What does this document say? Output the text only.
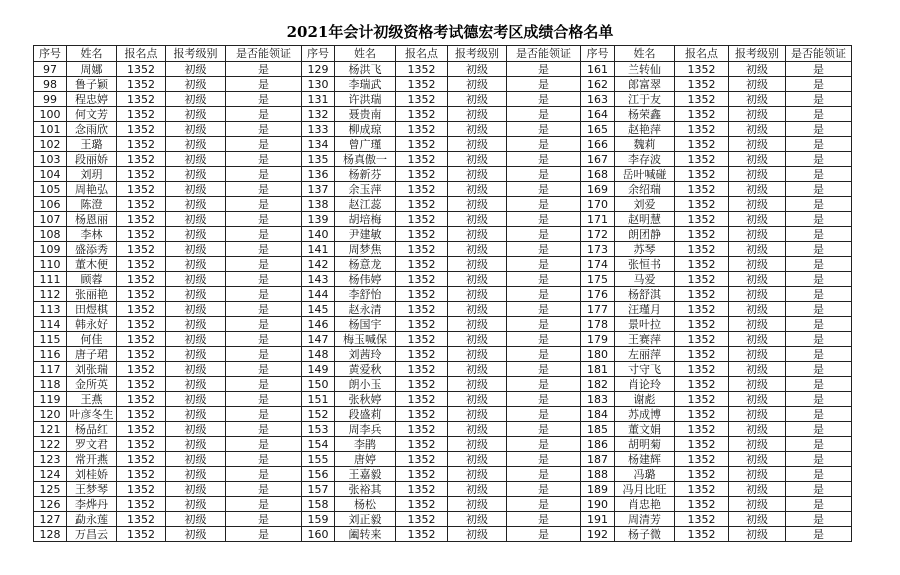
2021年会计初级资格考试德宏考区成绩合格名单
序号	姓名	报名点	报考级别	是否能领证	序号	姓名	报名点	报考级别	是否能领证	序号	姓名	报名点	报考级别	是否能领证
97	周娜	1352	初级	是	129	杨洪飞	1352	初级	是	161	兰转仙	1352	初级	是
98	鲁子颖	1352	初级	是	130	李瑞武	1352	初级	是	162	郎富翠	1352	初级	是
99	程忠婷	1352	初级	是	131	许洪瑞	1352	初级	是	163	江于友	1352	初级	是
100	何文芳	1352	初级	是	132	聂贵南	1352	初级	是	164	杨荣鑫	1352	初级	是
101	念雨欣	1352	初级	是	133	柳成琼	1352	初级	是	165	赵艳萍	1352	初级	是
102	王璐	1352	初级	是	134	曾广瑾	1352	初级	是	166	魏莉	1352	初级	是
103	段丽娇	1352	初级	是	135	杨真傲一	1352	初级	是	167	李存波	1352	初级	是
104	刘玥	1352	初级	是	136	杨新芬	1352	初级	是	168	岳叶喊碰	1352	初级	是
105	周艳弘	1352	初级	是	137	余玉萍	1352	初级	是	169	余绍瑞	1352	初级	是
106	陈澄	1352	初级	是	138	赵江蕊	1352	初级	是	170	刘爱	1352	初级	是
107	杨恩丽	1352	初级	是	139	胡培梅	1352	初级	是	171	赵明慧	1352	初级	是
108	李林	1352	初级	是	140	尹建敏	1352	初级	是	172	朗团静	1352	初级	是
109	盛添秀	1352	初级	是	141	周梦焦	1352	初级	是	173	苏琴	1352	初级	是
110	董木便	1352	初级	是	142	杨意龙	1352	初级	是	174	张恒书	1352	初级	是
111	顾蓉	1352	初级	是	143	杨伟婷	1352	初级	是	175	马爱	1352	初级	是
112	张丽艳	1352	初级	是	144	李舒怡	1352	初级	是	176	杨舒淇	1352	初级	是
113	田煜棋	1352	初级	是	145	赵永清	1352	初级	是	177	汪瑾月	1352	初级	是
114	韩永好	1352	初级	是	146	杨国宇	1352	初级	是	178	景叶拉	1352	初级	是
115	何佳	1352	初级	是	147	梅玉喊保	1352	初级	是	179	王赛萍	1352	初级	是
116	唐子珺	1352	初级	是	148	刘茜玲	1352	初级	是	180	左丽萍	1352	初级	是
117	刘张瑞	1352	初级	是	149	黄爱秋	1352	初级	是	181	寸守飞	1352	初级	是
118	金所英	1352	初级	是	150	朗小玉	1352	初级	是	182	肖论玲	1352	初级	是
119	王燕	1352	初级	是	151	张秋婷	1352	初级	是	183	谢彪	1352	初级	是
120	叶彦冬生	1352	初级	是	152	段盛莉	1352	初级	是	184	苏成博	1352	初级	是
121	杨品红	1352	初级	是	153	周李兵	1352	初级	是	185	董文娟	1352	初级	是
122	罗文君	1352	初级	是	154	李鹃	1352	初级	是	186	胡明菊	1352	初级	是
123	常开燕	1352	初级	是	155	唐婷	1352	初级	是	187	杨建辉	1352	初级	是
124	刘桂娇	1352	初级	是	156	王嘉毅	1352	初级	是	188	冯璐	1352	初级	是
125	王梦琴	1352	初级	是	157	张裕其	1352	初级	是	189	冯月比旺	1352	初级	是
126	李烨丹	1352	初级	是	158	杨松	1352	初级	是	190	肖忠艳	1352	初级	是
127	勐永莲	1352	初级	是	159	刘正毅	1352	初级	是	191	周清芳	1352	初级	是
128	万昌云	1352	初级	是	160	阖转来	1352	初级	是	192	杨子微	1352	初级	是
